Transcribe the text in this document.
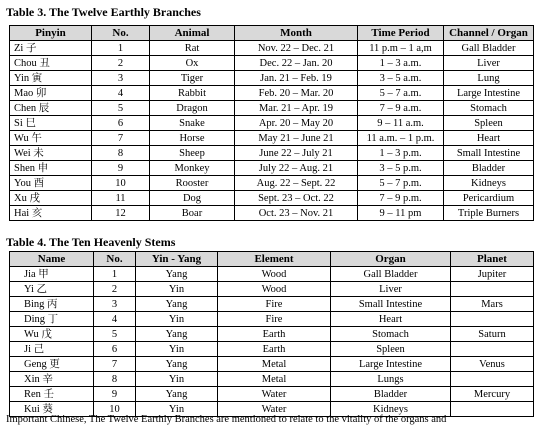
Table 3. The Twelve Earthly Branches
Pinyin	No.	Animal	Month	Time Period	Channel / Organ
Zi 子	1	Rat	Nov. 22 – Dec. 21	11 p.m – 1 a,m	Gall Bladder
Chou 丑	2	Ox	Dec. 22 – Jan. 20	1 – 3 a.m.	Liver
Yin 寅	3	Tiger	Jan. 21 – Feb. 19	3 – 5 a.m.	Lung
Mao 卯	4	Rabbit	Feb. 20 – Mar. 20	5 – 7 a.m.	Large Intestine
Chen 辰	5	Dragon	Mar. 21 – Apr. 19	7 – 9 a.m.	Stomach
Si 巳	6	Snake	Apr. 20 – May 20	9 – 11 a.m.	Spleen
Wu 午	7	Horse	May 21 – June 21	11 a.m. – 1 p.m.	Heart
Wei 未	8	Sheep	June 22 – July 21	1 – 3 p.m.	Small Intestine
Shen 申	9	Monkey	July 22 – Aug. 21	3 – 5 p.m.	Bladder
You 酉	10	Rooster	Aug. 22 – Sept. 22	5 – 7 p.m.	Kidneys
Xu 戌	11	Dog	Sept. 23 – Oct. 22	7 – 9 p.m.	Pericardium
Hai 亥	12	Boar	Oct. 23 – Nov. 21	9 – 11 pm	Triple Burners
Table 4. The Ten Heavenly Stems
Name	No.	Yin - Yang	Element	Organ	Planet
Jia 甲	1	Yang	Wood	Gall Bladder	Jupiter
Yi 乙	2	Yin	Wood	Liver	
Bing 丙	3	Yang	Fire	Small Intestine	Mars
Ding 丁	4	Yin	Fire	Heart	
Wu 戊	5	Yang	Earth	Stomach	Saturn
Ji 己	6	Yin	Earth	Spleen	
Geng 更	7	Yang	Metal	Large Intestine	Venus
Xin 辛	8	Yin	Metal	Lungs	
Ren 壬	9	Yang	Water	Bladder	Mercury
Kui 葵	10	Yin	Water	Kidneys	
Important Chinese, The Twelve Earthly Branches are mentioned to relate to the vitality of the organs and
